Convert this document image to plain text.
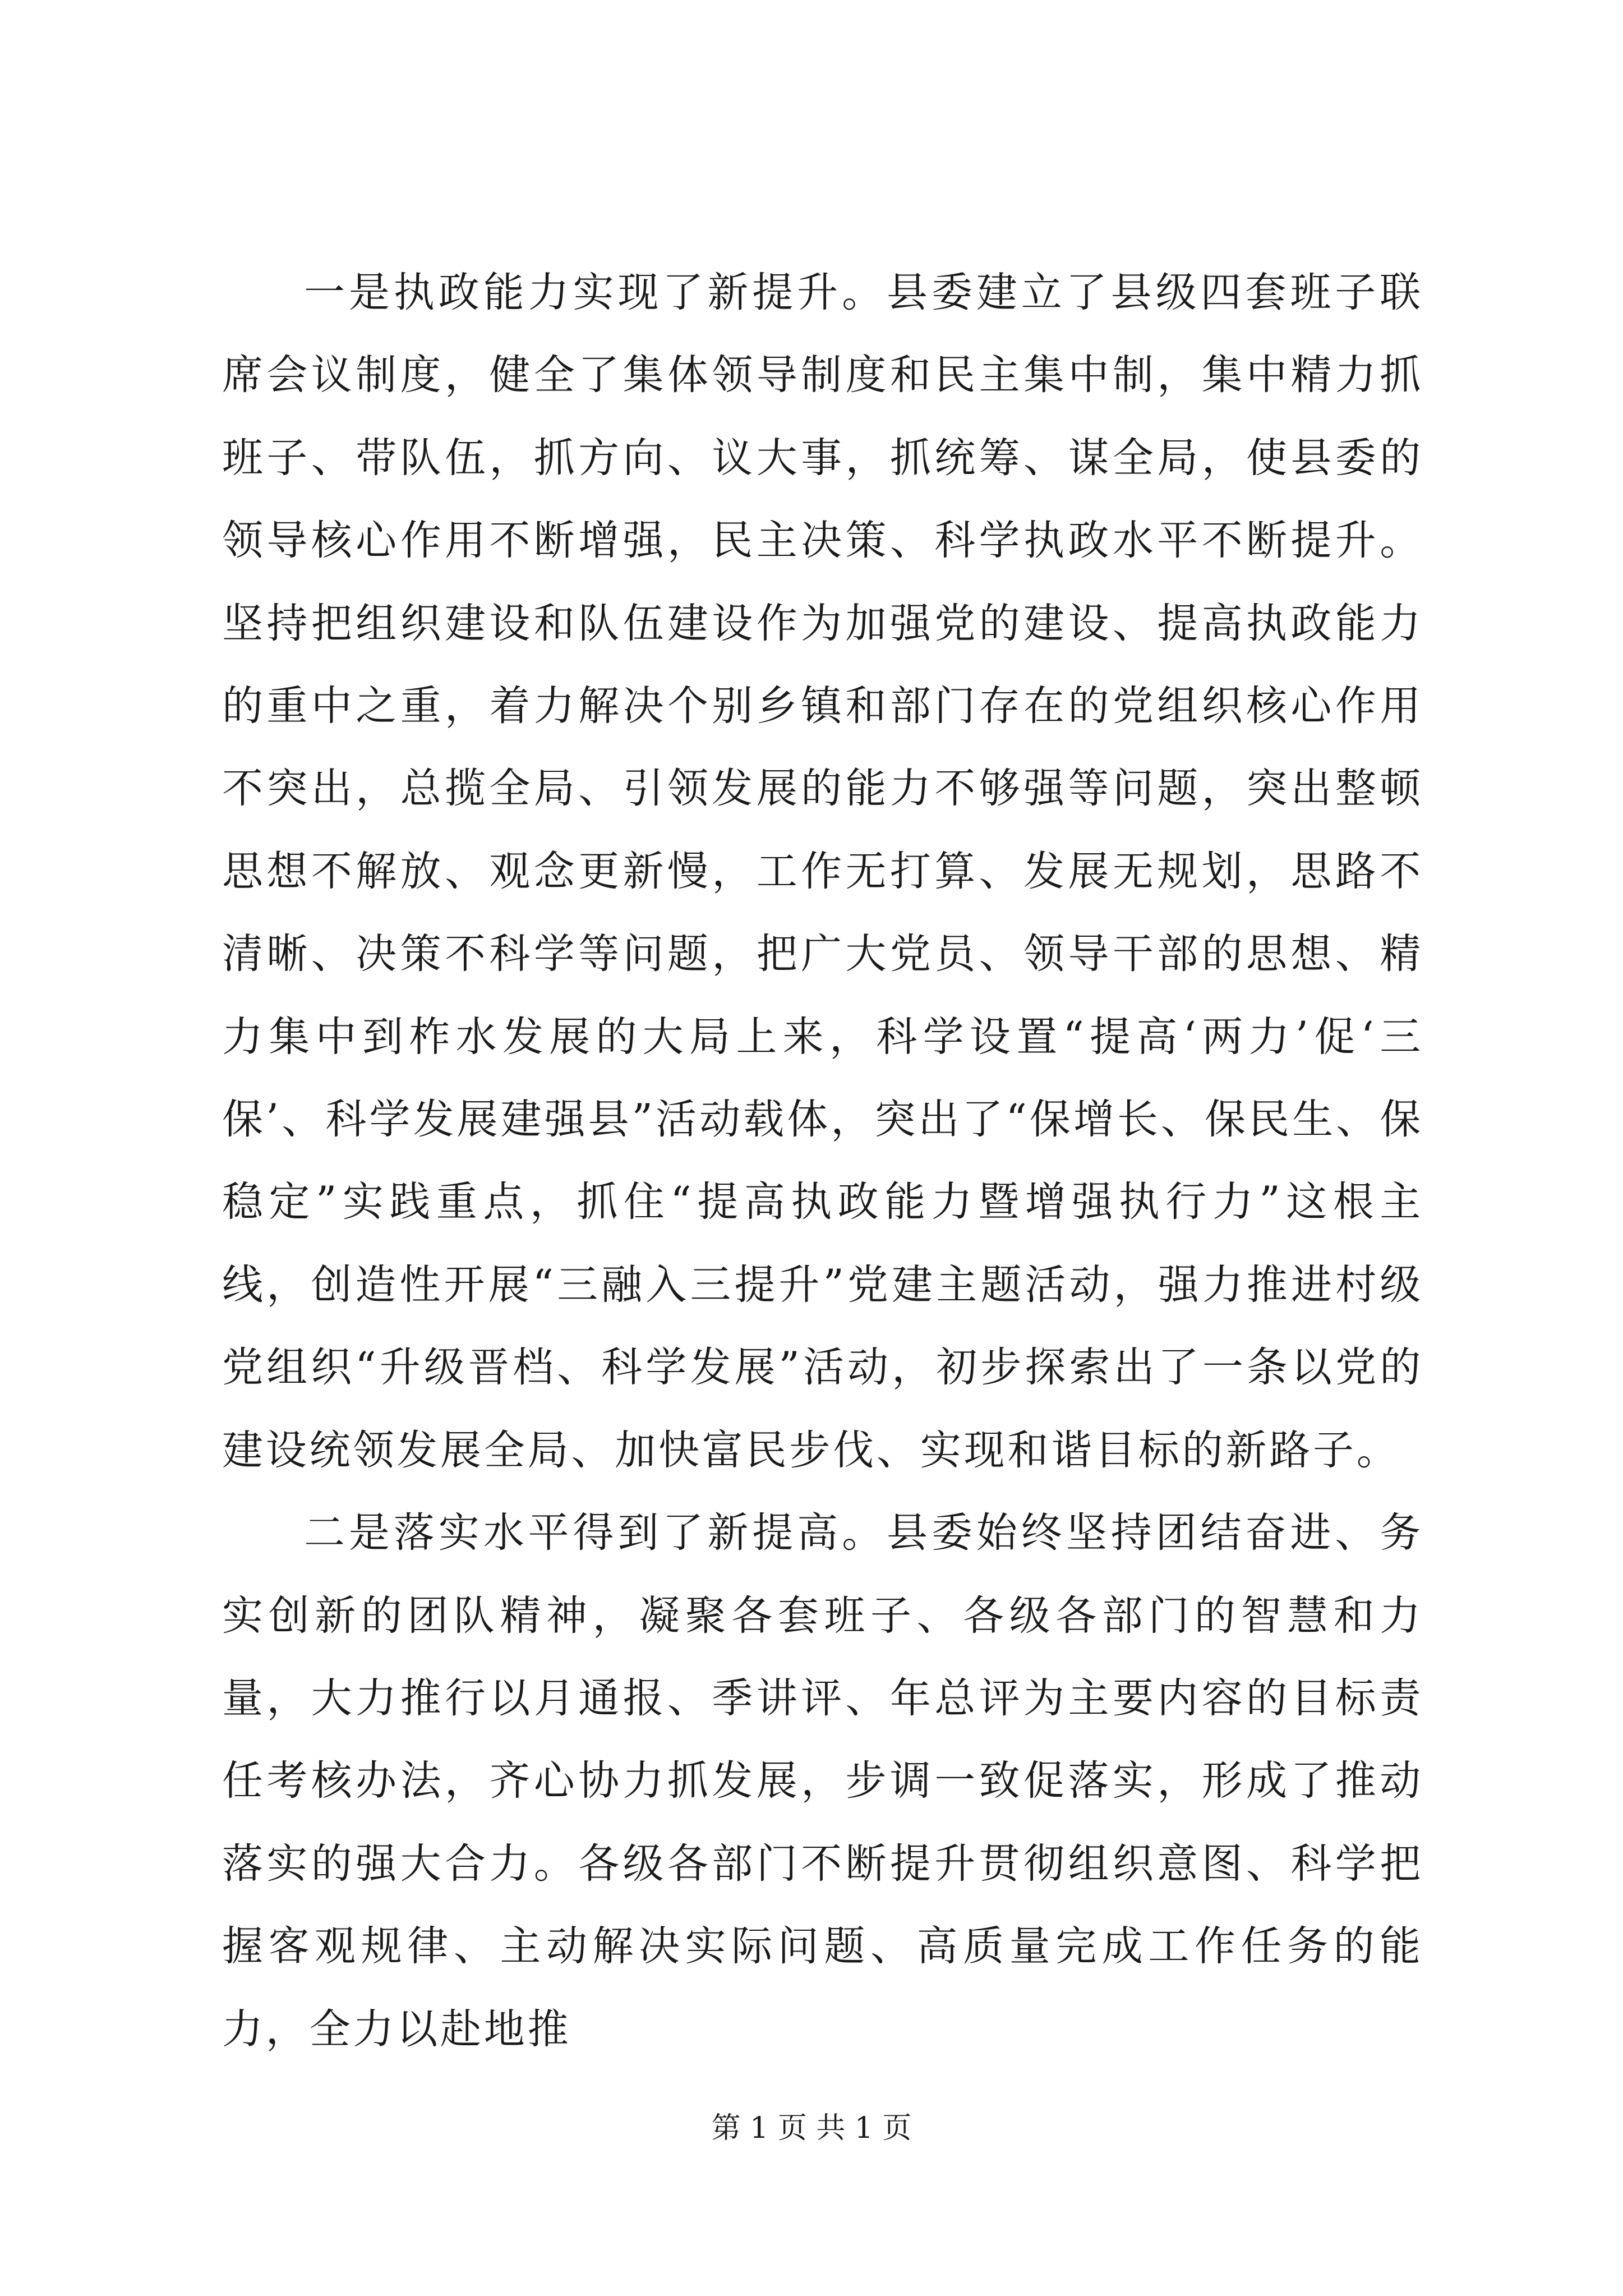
一是执政能力实现了新提升。县委建立了县级四套班子联席会议制度，健全了集体领导制度和民主集中制，集中精力抓班子、带队伍，抓方向、议大事，抓统筹、谋全局，使县委的领导核心作用不断增强，民主决策、科学执政水平不断提升。坚持把组织建设和队伍建设作为加强党的建设、提高执政能力的重中之重，着力解决个别乡镇和部门存在的党组织核心作用不突出，总揽全局、引领发展的能力不够强等问题，突出整顿思想不解放、观念更新慢，工作无打算、发展无规划，思路不清晰、决策不科学等问题，把广大党员、领导干部的思想、精力集中到柞水发展的大局上来，科学设置“提高‘两力’促‘三保’、科学发展建强县”活动载体，突出了“保增长、保民生、保稳定”实践重点，抓住“提高执政能力暨增强执行力”这根主线，创造性开展“三融入三提升”党建主题活动，强力推进村级党组织“升级晋档、科学发展”活动，初步探索出了一条以党的建设统领发展全局、加快富民步伐、实现和谐目标的新路子。

二是落实水平得到了新提高。县委始终坚持团结奋进、务实创新的团队精神，凝聚各套班子、各级各部门的智慧和力量，大力推行以月通报、季讲评、年总评为主要内容的目标责任考核办法，齐心协力抓发展，步调一致促落实，形成了推动落实的强大合力。各级各部门不断提升贯彻组织意图、科学把握客观规律、主动解决实际问题、高质量完成工作任务的能力，全力以赴地推

第 1 页 共 1 页
